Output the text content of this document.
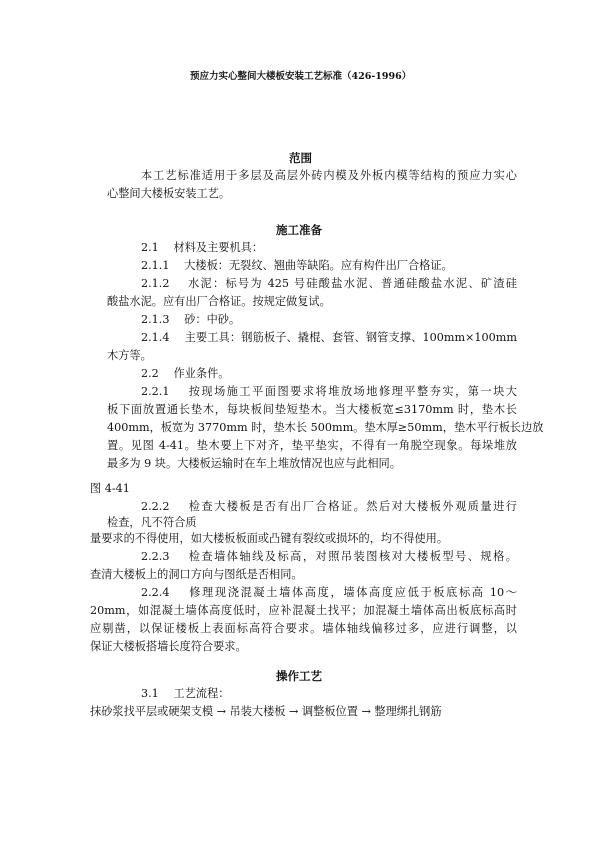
预应力实心整间大楼板安装工艺标准（426-1996）
范围
本工艺标准适用于多层及高层外砖内模及外板内模等结构的预应力实心
心整间大楼板安装工艺。
施工准备
2.1　 材料及主要机具：
2.1.1　 大楼板：无裂纹、翘曲等缺陷。应有构件出厂合格证。
2.1.2　 水泥：标号为 425 号硅酸盐水泥、普通硅酸盐水泥、矿渣硅
酸盐水泥。应有出厂合格证。按规定做复试。
2.1.3　 砂：中砂。
2.1.4　 主要工具：钢筋板子、撬棍、套管、钢管支撑、100mm×100mm
木方等。
2.2　 作业条件。
2.2.1　 按现场施工平面图要求将堆放场地修理平整夯实，第一块大
板下面放置通长垫木，每块板间垫短垫木。当大楼板宽≤3170mm 时，垫木长
400mm，板宽为 3770mm 时，垫木长 500mm。垫木厚≥50mm，垫木平行板长边放
置。见图 4-41。垫木要上下对齐，垫平垫实，不得有一角脱空现象。每垛堆放
最多为 9 块。大楼板运输时在车上堆放情况也应与此相同。
图 4-41
2.2.2　 检查大楼板是否有出厂合格证。然后对大楼板外观质量进行
检查，凡不符合质
量要求的不得使用，如大楼板板面或凸键有裂纹或损坏的，均不得使用。
2.2.3　 检查墙体轴线及标高，对照吊装图核对大楼板型号、规格。
查清大楼板上的洞口方向与图纸是否相同。
2.2.4　 修理现浇混凝土墙体高度，墙体高度应低于板底标高 10～
20mm，如混凝土墙体高度低时，应补混凝土找平；加混凝土墙体高出板底标高时
应剔凿，以保证楼板上表面标高符合要求。墙体轴线偏移过多，应进行调整，以
保证大楼板搭墙长度符合要求。
操作工艺
3.1　 工艺流程：
抹砂浆找平层或硬架支模 → 吊装大楼板 → 调整板位置 → 整理绑扎钢筋
